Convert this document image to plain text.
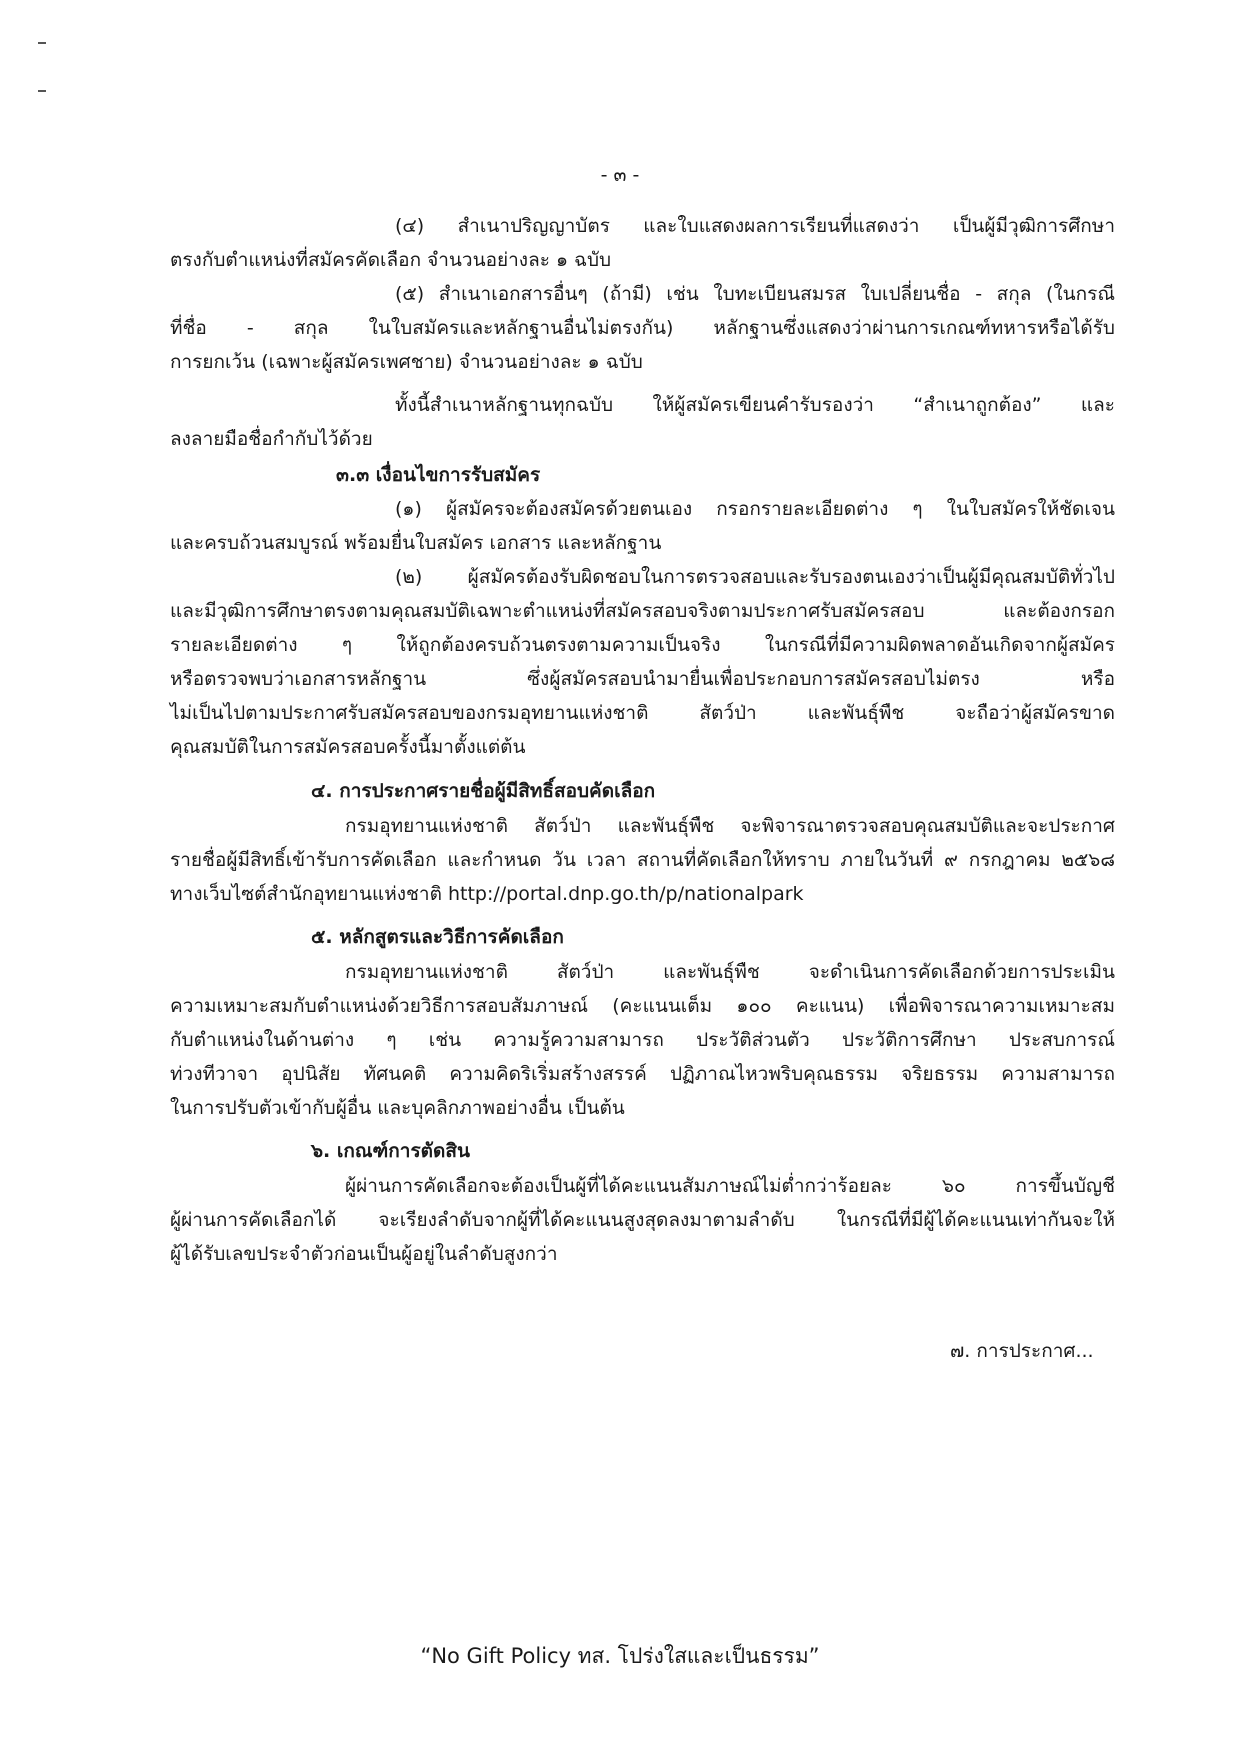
- ๓ -
(๔) สำเนาปริญญาบัตร และใบแสดงผลการเรียนที่แสดงว่า เป็นผู้มีวุฒิการศึกษา
ตรงกับตำแหน่งที่สมัครคัดเลือก จำนวนอย่างละ ๑ ฉบับ
(๕) สำเนาเอกสารอื่นๆ (ถ้ามี) เช่น ใบทะเบียนสมรส ใบเปลี่ยนชื่อ - สกุล (ในกรณี
ที่ชื่อ - สกุล ในใบสมัครและหลักฐานอื่นไม่ตรงกัน) หลักฐานซึ่งแสดงว่าผ่านการเกณฑ์ทหารหรือได้รับ
การยกเว้น (เฉพาะผู้สมัครเพศชาย) จำนวนอย่างละ ๑ ฉบับ
ทั้งนี้สำเนาหลักฐานทุกฉบับ ให้ผู้สมัครเขียนคำรับรองว่า “สำเนาถูกต้อง” และ
ลงลายมือชื่อกำกับไว้ด้วย
๓.๓ เงื่อนไขการรับสมัคร
(๑) ผู้สมัครจะต้องสมัครด้วยตนเอง กรอกรายละเอียดต่าง ๆ ในใบสมัครให้ชัดเจน
และครบถ้วนสมบูรณ์ พร้อมยื่นใบสมัคร เอกสาร และหลักฐาน
(๒) ผู้สมัครต้องรับผิดชอบในการตรวจสอบและรับรองตนเองว่าเป็นผู้มีคุณสมบัติทั่วไป
และมีวุฒิการศึกษาตรงตามคุณสมบัติเฉพาะตำแหน่งที่สมัครสอบจริงตามประกาศรับสมัครสอบ และต้องกรอก
รายละเอียดต่าง ๆ ให้ถูกต้องครบถ้วนตรงตามความเป็นจริง ในกรณีที่มีความผิดพลาดอันเกิดจากผู้สมัคร
หรือตรวจพบว่าเอกสารหลักฐาน ซึ่งผู้สมัครสอบนำมายื่นเพื่อประกอบการสมัครสอบไม่ตรง หรือ
ไม่เป็นไปตามประกาศรับสมัครสอบของกรมอุทยานแห่งชาติ สัตว์ป่า และพันธุ์พืช จะถือว่าผู้สมัครขาด
คุณสมบัติในการสมัครสอบครั้งนี้มาตั้งแต่ต้น
๔. การประกาศรายชื่อผู้มีสิทธิ์สอบคัดเลือก
กรมอุทยานแห่งชาติ สัตว์ป่า และพันธุ์พืช จะพิจารณาตรวจสอบคุณสมบัติและจะประกาศ
รายชื่อผู้มีสิทธิ์เข้ารับการคัดเลือก และกำหนด วัน เวลา สถานที่คัดเลือกให้ทราบ ภายในวันที่ ๙ กรกฎาคม ๒๕๖๘
ทางเว็บไซต์สำนักอุทยานแห่งชาติ http://portal.dnp.go.th/p/nationalpark
๕. หลักสูตรและวิธีการคัดเลือก
กรมอุทยานแห่งชาติ สัตว์ป่า และพันธุ์พืช จะดำเนินการคัดเลือกด้วยการประเมิน
ความเหมาะสมกับตำแหน่งด้วยวิธีการสอบสัมภาษณ์ (คะแนนเต็ม ๑๐๐ คะแนน) เพื่อพิจารณาความเหมาะสม
กับตำแหน่งในด้านต่าง ๆ เช่น ความรู้ความสามารถ ประวัติส่วนตัว ประวัติการศึกษา ประสบการณ์
ท่วงทีวาจา อุปนิสัย ทัศนคติ ความคิดริเริ่มสร้างสรรค์ ปฏิภาณไหวพริบคุณธรรม จริยธรรม ความสามารถ
ในการปรับตัวเข้ากับผู้อื่น และบุคลิกภาพอย่างอื่น เป็นต้น
๖. เกณฑ์การตัดสิน
ผู้ผ่านการคัดเลือกจะต้องเป็นผู้ที่ได้คะแนนสัมภาษณ์ไม่ต่ำกว่าร้อยละ ๖๐ การขึ้นบัญชี
ผู้ผ่านการคัดเลือกได้ จะเรียงลำดับจากผู้ที่ได้คะแนนสูงสุดลงมาตามลำดับ ในกรณีที่มีผู้ได้คะแนนเท่ากันจะให้
ผู้ได้รับเลขประจำตัวก่อนเป็นผู้อยู่ในลำดับสูงกว่า
๗. การประกาศ...
“No Gift Policy ทส. โปร่งใสและเป็นธรรม”
